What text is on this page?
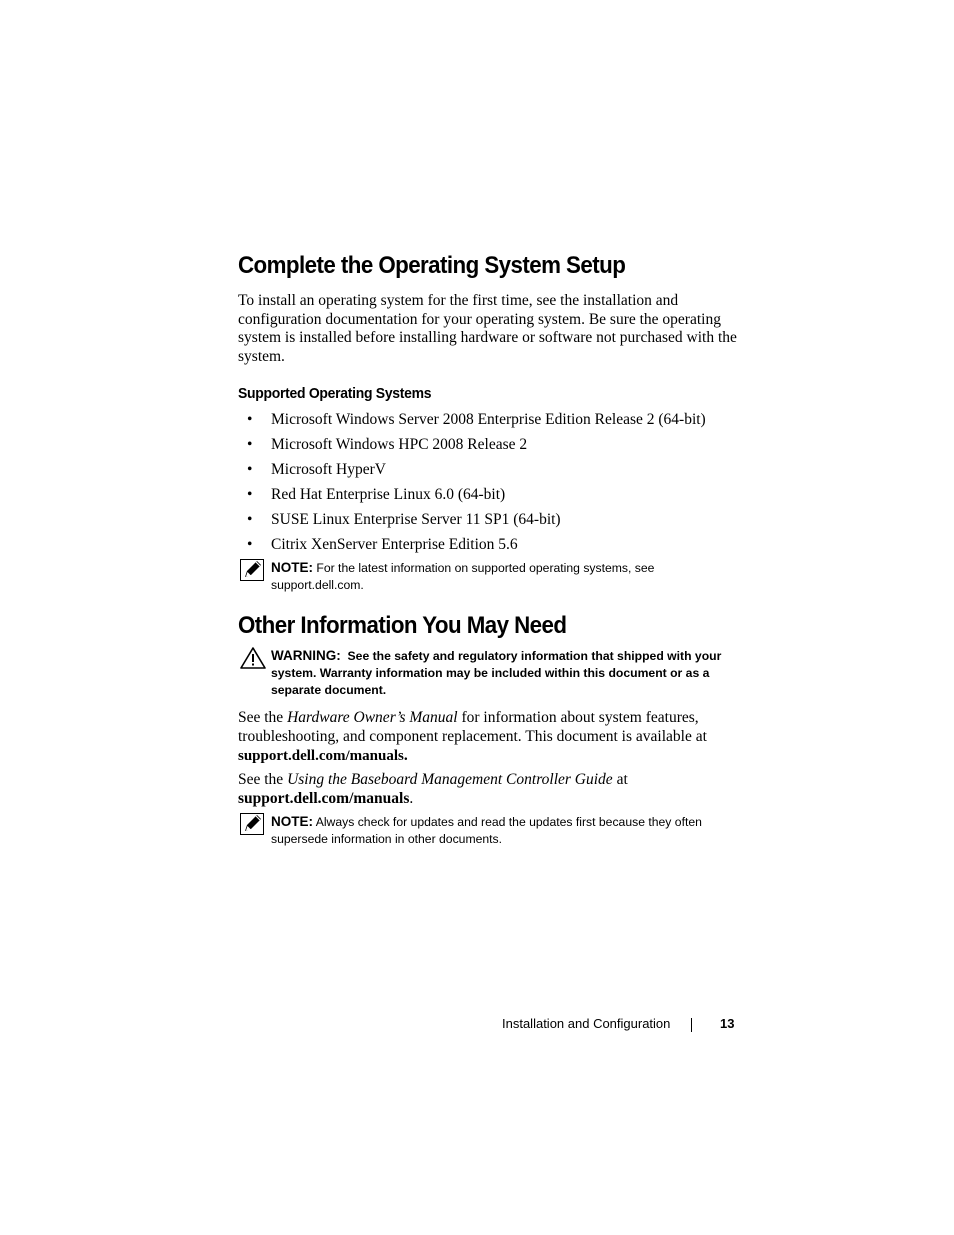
Complete the Operating System Setup

To install an operating system for the first time, see the installation and configuration documentation for your operating system. Be sure the operating system is installed before installing hardware or software not purchased with the system.

Supported Operating Systems
• Microsoft Windows Server 2008 Enterprise Edition Release 2 (64-bit)
• Microsoft Windows HPC 2008 Release 2
• Microsoft HyperV
• Red Hat Enterprise Linux 6.0 (64-bit)
• SUSE Linux Enterprise Server 11 SP1 (64-bit)
• Citrix XenServer Enterprise Edition 5.6
NOTE: For the latest information on supported operating systems, see
support.dell.com.
Other Information You May Need
WARNING: See the safety and regulatory information that shipped with your system. Warranty information may be included within this document or as a separate document.

See the Hardware Owner’s Manual for information about system features, troubleshooting, and component replacement. This document is available at support.dell.com/manuals.

See the Using the Baseboard Management Controller Guide at
support.dell.com/manuals.

NOTE: Always check for updates and read the updates first because they often supersede information in other documents.
Installation and Configuration	13
